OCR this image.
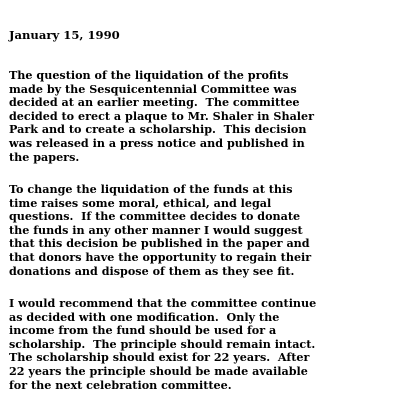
January 15, 1990
The question of the liquidation of the profits
made by the Sesquicentennial Committee was
decided at an earlier meeting.  The committee
decided to erect a plaque to Mr. Shaler in Shaler
Park and to create a scholarship.  This decision
was released in a press notice and published in
the papers.
To change the liquidation of the funds at this
time raises some moral, ethical, and legal
questions.  If the committee decides to donate
the funds in any other manner I would suggest
that this decision be published in the paper and
that donors have the opportunity to regain their
donations and dispose of them as they see fit.
I would recommend that the committee continue
as decided with one modification.  Only the
income from the fund should be used for a
scholarship.  The principle should remain intact.
The scholarship should exist for 22 years.  After
22 years the principle should be made available
for the next celebration committee.
